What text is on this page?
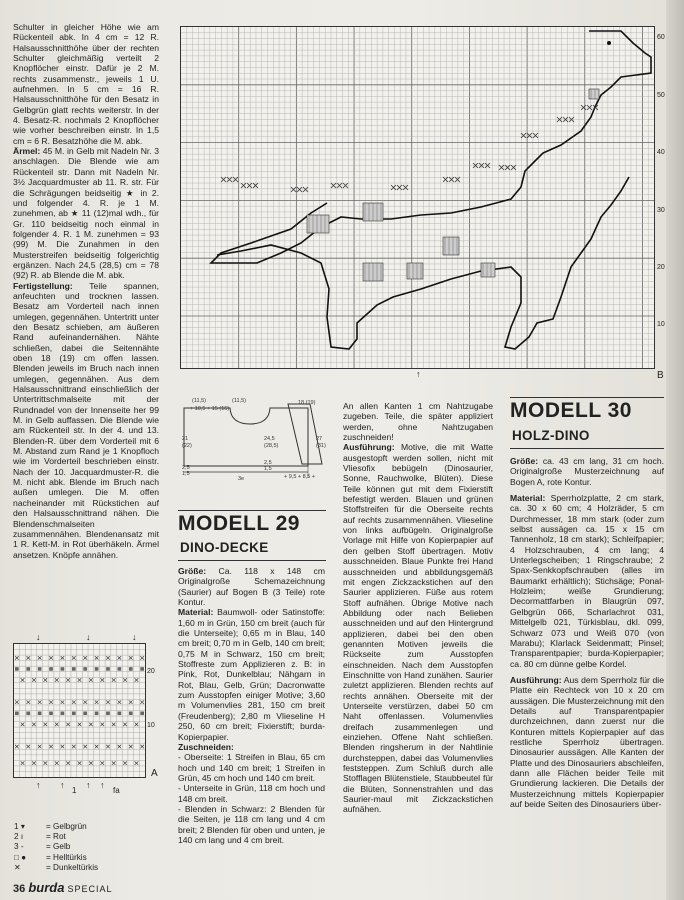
Schulter in gleicher Höhe wie am Rückenteil abk. In 4 cm = 12 R. Halsausschnitthöhe über der rechten Schulter gleichmäßig verteilt 2 Knopflöcher einstr. Dafür je 2 M. rechts zusammenstr., jeweils 1 U. aufnehmen. In 5 cm = 16 R. Halsausschnitthöhe für den Besatz in Gelbgrün glatt rechts weiterstr. In der 4. Besatz-R. nochmals 2 Knopflöcher wie vorher beschreiben einstr. In 1,5 cm = 6 R. Besatzhöhe die M. abk.

Ärmel: 45 M. in Gelb mit Nadeln Nr. 3 anschlagen. Die Blende wie am Rückenteil str. Dann mit Nadeln Nr. 3½ Jacquardmuster ab 11. R. str. Für die Schrägungen beidseitig ★ in 2. und folgender 4. R. je 1 M. zunehmen, ab ★ 11 (12)mal wdh., für Gr. 110 beidseitig noch einmal in folgender 4. R. 1 M. zunehmen = 93 (99) M. Die Zunahmen in den Musterstreifen beidseitig folgerichtig ergänzen. Nach 24,5 (28,5) cm = 78 (92) R. ab Blende die M. abk.

Fertigstellung: Teile spannen, anfeuchten und trocknen lassen. Besatz am Vorderteil nach innen umlegen, gegennähen. Untertritt unter den Besatz schieben, am äußeren Rand aufeinandernähen. Nähte schließen, dabei die Seitennähte oben 18 (19) cm offen lassen. Blenden jeweils im Bruch nach innen umlegen, gegennähen. Aus dem Halsausschnittrand einschließlich der Untertrittschmalseite mit der Rundnadel von der Innenseite her 99 M. in Gelb auffassen. Die Blende wie am Rückenteil str. In der 4. und 13. Blenden-R. über dem Vorderteil mit 6 M. Abstand zum Rand je 1 Knopfloch wie im Vorderteil beschrieben einstr. Nach der 10. Jacquardmuster-R. die M. nicht abk. Blende im Bruch nach außen umlegen. Die M. offen nacheinander mit Rückstichen auf den Halsausschnittrand nähen. Die Blendenschmalseiten zusammennähen. Blendenansatz mit 1 R. Kett-M. in Rot überhäkeln. Ärmel ansetzen. Knöpfe annähen.

60
50
40
30
20
10
B
↑
(11,5)	(11,5)
+ 10,5 + 15 (16)
21
(22)
2,5
1,5
3e
18 (19)
24,5
(28,5)
27
(31)
2,5
1,5
+ 9,5 + 8,5 +
MODELL 29
DINO-DECKE

Größe: Ca. 118 x 148 cm Originalgroße Schemazeichnung (Saurier) auf Bogen B (3 Teile) rote Kontur.

Material: Baumwoll- oder Satinstoffe: 1,60 m in Grün, 150 cm breit (auch für die Unterseite); 0,65 m in Blau, 140 cm breit; 0,70 m in Gelb, 140 cm breit; 0,75 M in Schwarz, 150 cm breit; Stoffreste zum Applizieren z. B: in Pink, Rot, Dunkelblau; Nähgarn in Rot, Blau, Gelb, Grün; Dacronwatte zum Ausstopfen einiger Motive; 3,60 m Volumenvlies 281, 150 cm breit (Freudenberg); 2,80 m Vlieseline H 250, 60 cm breit; Fixierstift; burda-Kopierpapier.

Zuschneiden:

- Oberseite: 1 Streifen in Blau, 65 cm hoch und 140 cm breit; 1 Streifen in Grün, 45 cm hoch und 140 cm breit.

- Unterseite in Grün, 118 cm hoch und 148 cm breit.

- Blenden in Schwarz: 2 Blenden für die Seiten, je 118 cm lang und 4 cm breit; 2 Blenden für oben und unten, je 140 cm lang und 4 cm breit.

An allen Kanten 1 cm Nahtzugabe zugeben. Teile, die später appliziert werden, ohne Nahtzugaben zuschneiden!

Ausführung: Motive, die mit Watte ausgestopft werden sollen, nicht mit Vliesofix bebügeln (Dinosaurier, Sonne, Rauchwolke, Blüten). Diese Teile können gut mit dem Fixierstift befestigt werden. Blauen und grünen Stoffstreifen für die Oberseite rechts auf rechts zusammennähen. Vlieseline von links aufbügeln. Originalgroße Vorlage mit Hilfe von Kopierpapier auf den gelben Stoff übertragen. Motiv ausschneiden. Blaue Punkte frei Hand ausschneiden und abbildungsgemäß mit engen Zickzackstichen auf den Saurier applizieren. Füße aus rotem Stoff aufnähen. Übrige Motive nach Abbildung oder nach Belieben ausschneiden und auf den Hintergrund applizieren, dabei bei den oben genannten Motiven jeweils die Rückseite zum Ausstopfen einschneiden. Nach dem Ausstopfen Einschnitte von Hand zunähen. Saurier zuletzt applizieren. Blenden rechts auf rechts annähen. Oberseite mit der Unterseite verstürzen, dabei 50 cm Naht offenlassen. Volumenvlies dreifach zusammenlegen und einziehen. Offene Naht schließen. Blenden ringsherum in der Nahtlinie durchsteppen, dabei das Volumenvlies feststeppen. Zum Schluß durch alle Stofflagen Blütenstiele, Staubbeutel für die Blüten, Sonnenstrahlen und das Saurier-maul mit Zickzackstichen aufnähen.

MODELL 30
HOLZ-DINO

Größe: ca. 43 cm lang, 31 cm hoch. Originalgroße Musterzeichnung auf Bogen A, rote Kontur.

Material: Sperrholzplatte, 2 cm stark, ca. 30 x 60 cm; 4 Holzräder, 5 cm Durchmesser, 18 mm stark (oder zum selbst aussägen ca. 15 x 15 cm Tannenholz, 18 cm stark); Schleifpapier; 4 Holzschrauben, 4 cm lang; 4 Unterlegscheiben; 1 Ringschraube; 2 Spax-Senkkopfschrauben (alles im Baumarkt erhältlich); Stichsäge; Ponal-Holzleim; weiße Grundierung; Decormattfarben in Blaugrün 097, Gelbgrün 066, Scharlachrot 031, Mittelgelb 021, Türkisblau, dkl. 099, Schwarz 073 und Weiß 070 (von Marabu); Klarlack Seidenmatt; Pinsel; Transparentpapier; burda-Kopierpapier; ca. 80 cm dünne gelbe Kordel.

Ausführung: Aus dem Sperrholz für die Platte ein Rechteck von 10 x 20 cm aussägen. Die Musterzeichnung mit den Details auf Transparentpapier durchzeichnen, dann zuerst nur die Konturen mittels Kopierpapier auf das restliche Sperrholz übertragen. Dinosaurier aussägen. Alle Kanten der Platte und des Dinosauriers abschleifen, dann alle Flächen beider Teile mit Grundierung lackieren. Die Details der Musterzeichnung mittels Kopierpapier auf beide Seiten des Dinosauriers über-

↓	↓	↓
20
10
A
↑ ↑ ↑ ↑
1	fa
1 ▾	= Gelbgrün
2 ı	= Rot
3 -	= Gelb
□ ●	= Helltürkis
✕	= Dunkeltürkis
36 burda SPECIAL
